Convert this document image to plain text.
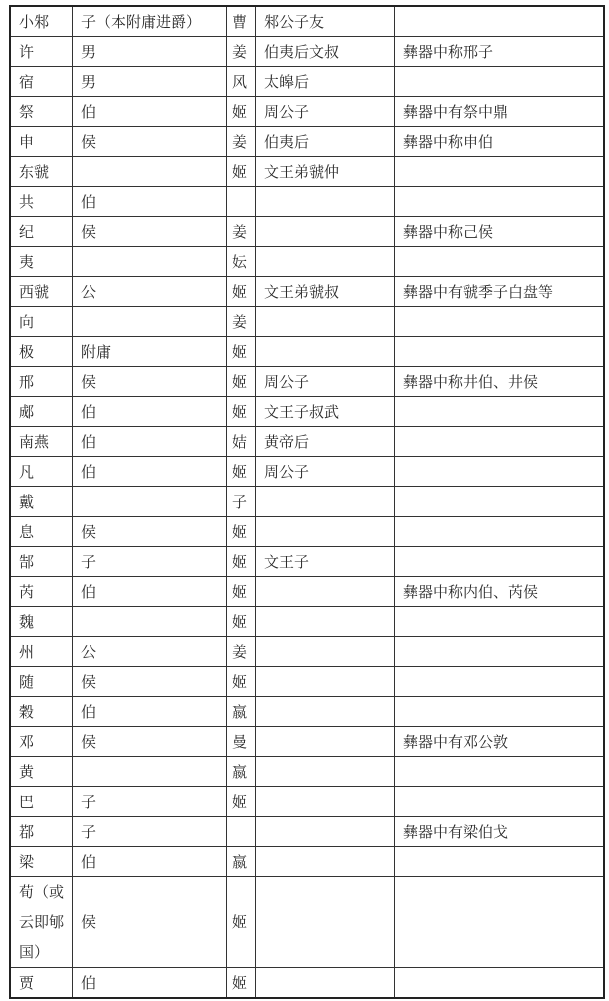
小邾	子（本附庸进爵）	曹	邾公子友	
许	男	姜	伯夷后文叔	彝器中称邢子
宿	男	风	太皞后	
祭	伯	姬	周公子	彝器中有祭中鼎
申	侯	姜	伯夷后	彝器中称申伯
东虢		姬	文王弟虢仲	
共	伯			
纪	侯	姜		彝器中称己侯
夷		妘		
西虢	公	姬	文王弟虢叔	彝器中有虢季子白盘等
向		姜		
极	附庸	姬		
邢	侯	姬	周公子	彝器中称井伯、井侯
郕	伯	姬	文王子叔武	
南燕	伯	姞	黄帝后	
凡	伯	姬	周公子	
戴		子		
息	侯	姬		
郜	子	姬	文王子	
芮	伯	姬		彝器中称内伯、芮侯
魏		姬		
州	公	姜		
随	侯	姬		
穀	伯	嬴		
邓	侯	曼		彝器中有邓公敦
黄		嬴		
巴	子	姬		
鄀	子			彝器中有梁伯戈
梁	伯	嬴		
荀（或云即郇国）	侯	姬		
贾	伯	姬		
